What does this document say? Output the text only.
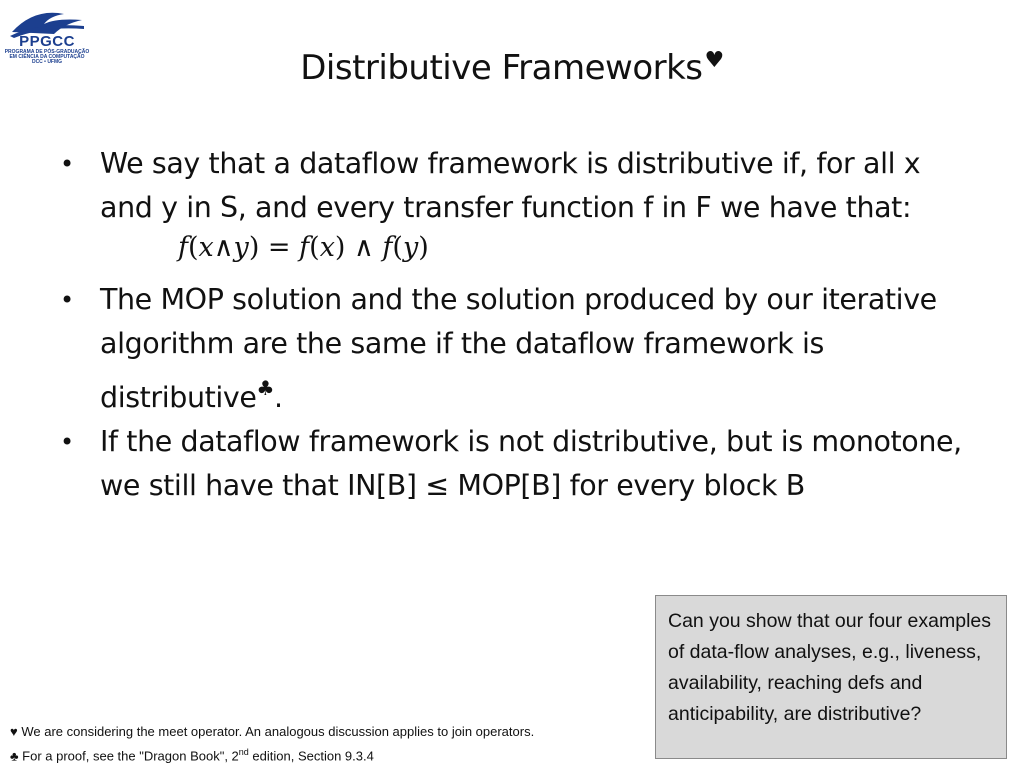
PPGCC
PROGRAMA DE PÓS-GRADUAÇÃO
EM CIÊNCIA DA COMPUTAÇÃO
DCC • UFMG	Distributive Frameworks♥
• We say that a dataflow framework is distributive if, for all x and y in S, and every transfer function f in F we have that:
f(x∧y) = f(x) ∧ f(y)
• The MOP solution and the solution produced by our iterative algorithm are the same if the dataflow framework is distributive♣.
• If the dataflow framework is not distributive, but is monotone, we still have that IN[B] ≤ MOP[B] for every block B
Can you show that our four examples of data-flow analyses, e.g., liveness, availability, reaching defs and anticipability, are distributive?
♥ We are considering the meet operator. An analogous discussion applies to join operators.
♣ For a proof, see the "Dragon Book", 2nd edition, Section 9.3.4
